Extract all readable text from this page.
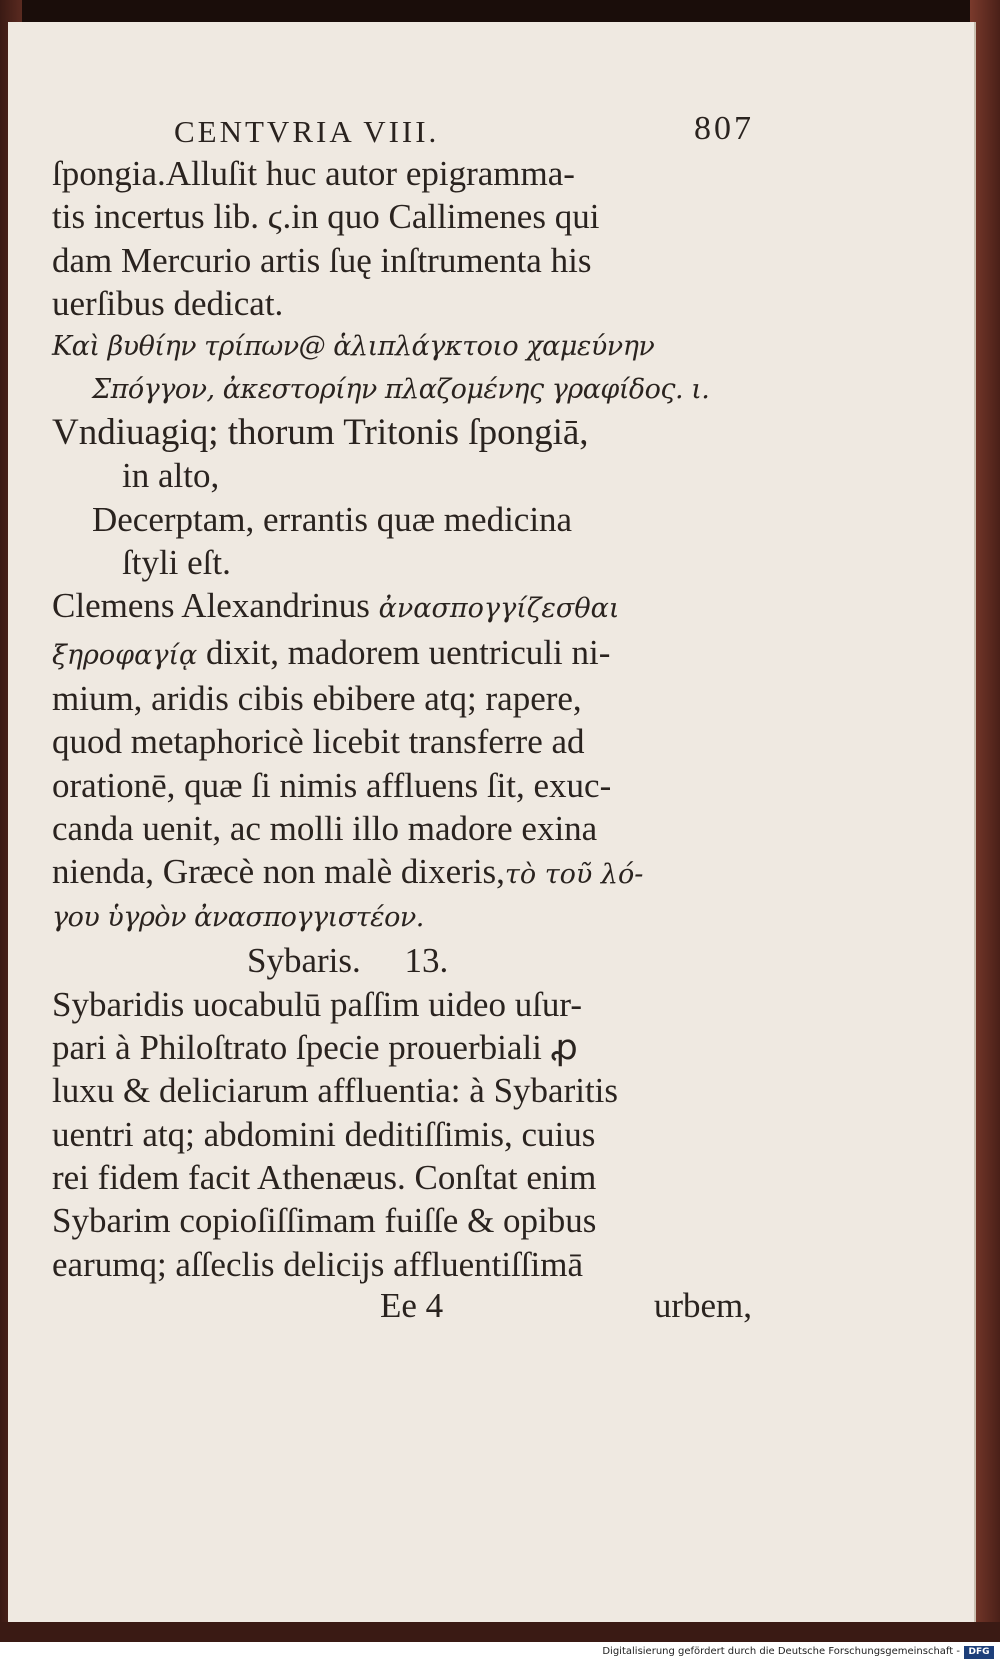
CENTVRIA VIII.	807
ſpongia.Alluſit huc autor epigramma-
tis incertus lib. ϛ.in quo Callimenes qui
dam Mercurio artis ſuę inſtrumenta his
uerſibus dedicat.
Καὶ βυθίην τρίπων@ ἁλιπλάγκτοιο χαμεύνην
Σπόγγον, ἀκεστορίην πλαζομένης γραφίδος. ι.
Vndiuagiq; thorum Tritonis ſpongiā,
in alto,
Decerptam, errantis quæ medicina
ſtyli eſt.
Clemens Alexandrinus ἀνασπογγίζεσθαι
ξηροφαγίᾳ dixit, madorem uentriculi ni-
mium, aridis cibis ebibere atq; rapere,
quod metaphoricè licebit transferre ad
orationē, quæ ſi nimis affluens ſit, exuc-
canda uenit, ac molli illo madore exina
nienda, Græcè non malè dixeris,τὸ τοῦ λό-
γου ὑγρὸν ἀνασπογγιστέον.
Sybaris. 13.
Sybaridis uocabulū paſſim uideo uſur-
pari à Philoſtrato ſpecie prouerbiali ꝓ
luxu & deliciarum affluentia: à Sybaritis
uentri atq; abdomini deditiſſimis, cuius
rei fidem facit Athenæus. Conſtat enim
Sybarim copioſiſſimam fuiſſe & opibus
earumq; aſſeclis delicijs affluentiſſimā
Ee 4	urbem,
Digitalisierung gefördert durch die Deutsche Forschungsgemeinschaft - DFG
